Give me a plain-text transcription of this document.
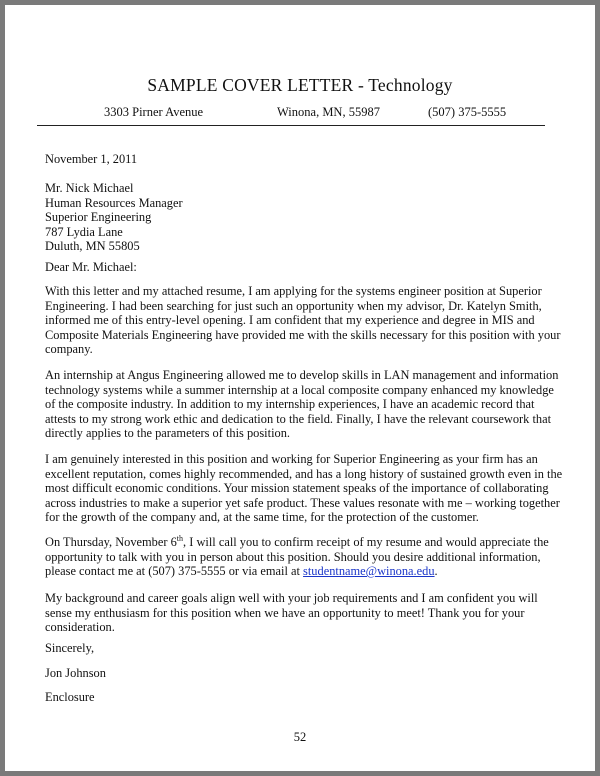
SAMPLE COVER LETTER - Technology
3303 Pirner Avenue	Winona, MN, 55987	(507) 375-5555
November 1, 2011
Mr. Nick Michael
Human Resources Manager
Superior Engineering
787 Lydia Lane
Duluth, MN 55805
Dear Mr. Michael:
With this letter and my attached resume, I am applying for the systems engineer position at Superior
Engineering. I had been searching for just such an opportunity when my advisor, Dr. Katelyn Smith,
informed me of this entry-level opening. I am confident that my experience and degree in MIS and
Composite Materials Engineering have provided me with the skills necessary for this position with your
company.
An internship at Angus Engineering allowed me to develop skills in LAN management and information
technology systems while a summer internship at a local composite company enhanced my knowledge
of the composite industry. In addition to my internship experiences, I have an academic record that
attests to my strong work ethic and dedication to the field. Finally, I have the relevant coursework that
directly applies to the parameters of this position.
I am genuinely interested in this position and working for Superior Engineering as your firm has an
excellent reputation, comes highly recommended, and has a long history of sustained growth even in the
most difficult economic conditions. Your mission statement speaks of the importance of collaborating
across industries to make a superior yet safe product. These values resonate with me – working together
for the growth of the company and, at the same time, for the protection of the customer.
On Thursday, November 6th, I will call you to confirm receipt of my resume and would appreciate the
opportunity to talk with you in person about this position. Should you desire additional information,
please contact me at (507) 375-5555 or via email at studentname@winona.edu.
My background and career goals align well with your job requirements and I am confident you will
sense my enthusiasm for this position when we have an opportunity to meet! Thank you for your
consideration.
Sincerely,
Jon Johnson
Enclosure
52
